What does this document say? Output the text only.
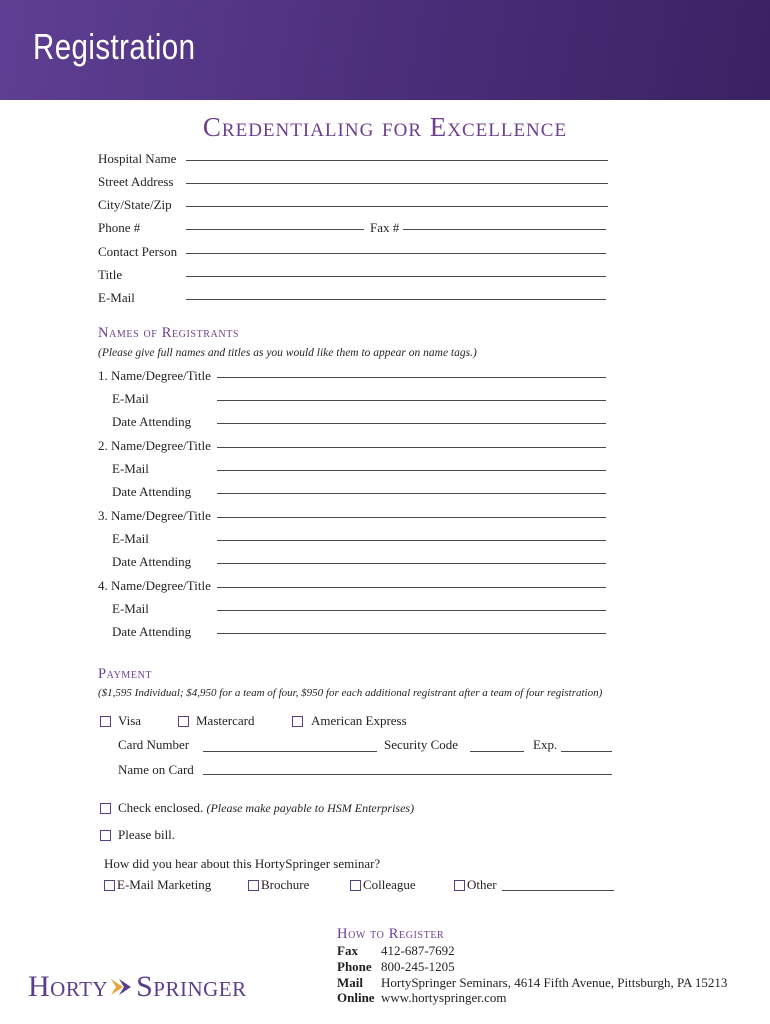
Registration
Credentialing for Excellence
Hospital Name
Street Address
City/State/Zip
Phone #	Fax #
Contact Person
Title
E-Mail
Names of Registrants
(Please give full names and titles as you would like them to appear on name tags.)
1. Name/Degree/Title
E-Mail
Date Attending
2. Name/Degree/Title
E-Mail
Date Attending
3. Name/Degree/Title
E-Mail
Date Attending
4. Name/Degree/Title
E-Mail
Date Attending
Payment
($1,595 Individual; $4,950 for a team of four, $950 for each additional registrant after a team of four registration)
Visa	Mastercard	American Express
Card Number	Security Code	Exp.
Name on Card
Check enclosed. (Please make payable to HSM Enterprises)
Please bill.
How did you hear about this HortySpringer seminar?
E-Mail Marketing	Brochure	Colleague	Other
Horty Springer
How to Register
Fax 412-687-7692
Phone 800-245-1205
Mail HortySpringer Seminars, 4614 Fifth Avenue, Pittsburgh, PA 15213
Online www.hortyspringer.com
